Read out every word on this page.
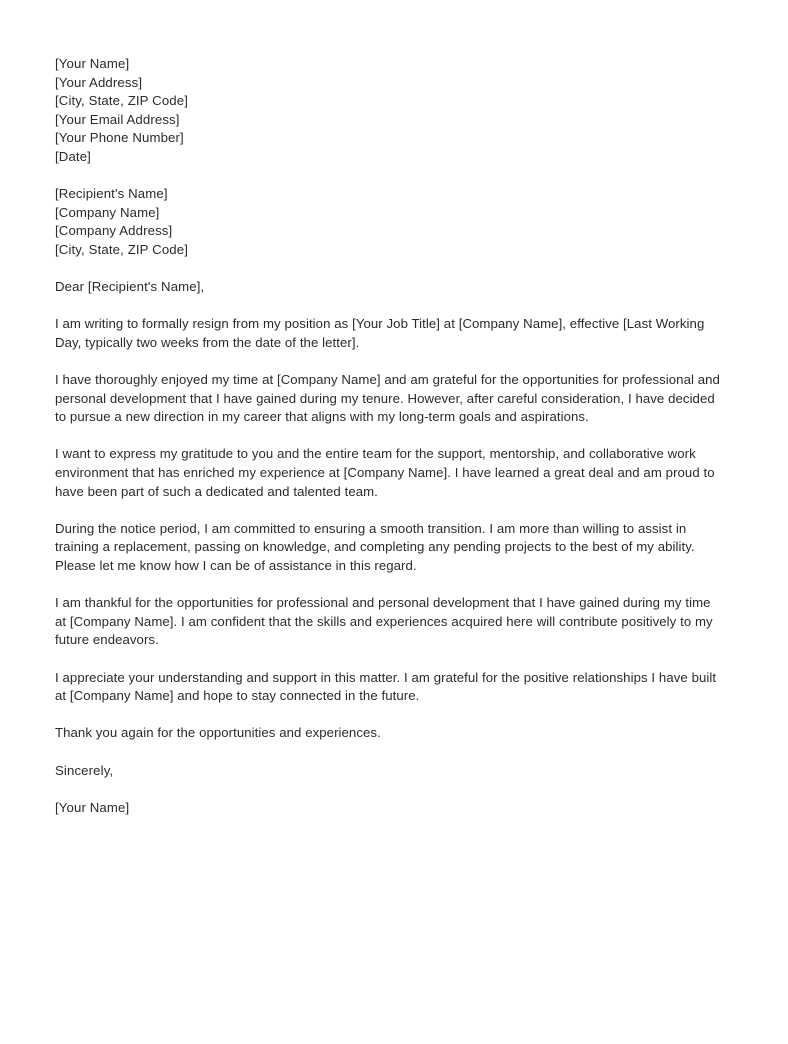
[Your Name]
[Your Address]
[City, State, ZIP Code]
[Your Email Address]
[Your Phone Number]
[Date]
[Recipient's Name]
[Company Name]
[Company Address]
[City, State, ZIP Code]
Dear [Recipient's Name],

I am writing to formally resign from my position as [Your Job Title] at [Company Name], effective [Last Working Day, typically two weeks from the date of the letter].

I have thoroughly enjoyed my time at [Company Name] and am grateful for the opportunities for professional and personal development that I have gained during my tenure. However, after careful consideration, I have decided to pursue a new direction in my career that aligns with my long-term goals and aspirations.

I want to express my gratitude to you and the entire team for the support, mentorship, and collaborative work environment that has enriched my experience at [Company Name]. I have learned a great deal and am proud to have been part of such a dedicated and talented team.

During the notice period, I am committed to ensuring a smooth transition. I am more than willing to assist in training a replacement, passing on knowledge, and completing any pending projects to the best of my ability. Please let me know how I can be of assistance in this regard.

I am thankful for the opportunities for professional and personal development that I have gained during my time at [Company Name]. I am confident that the skills and experiences acquired here will contribute positively to my future endeavors.

I appreciate your understanding and support in this matter. I am grateful for the positive relationships I have built at [Company Name] and hope to stay connected in the future.

Thank you again for the opportunities and experiences.

Sincerely,
[Your Name]
